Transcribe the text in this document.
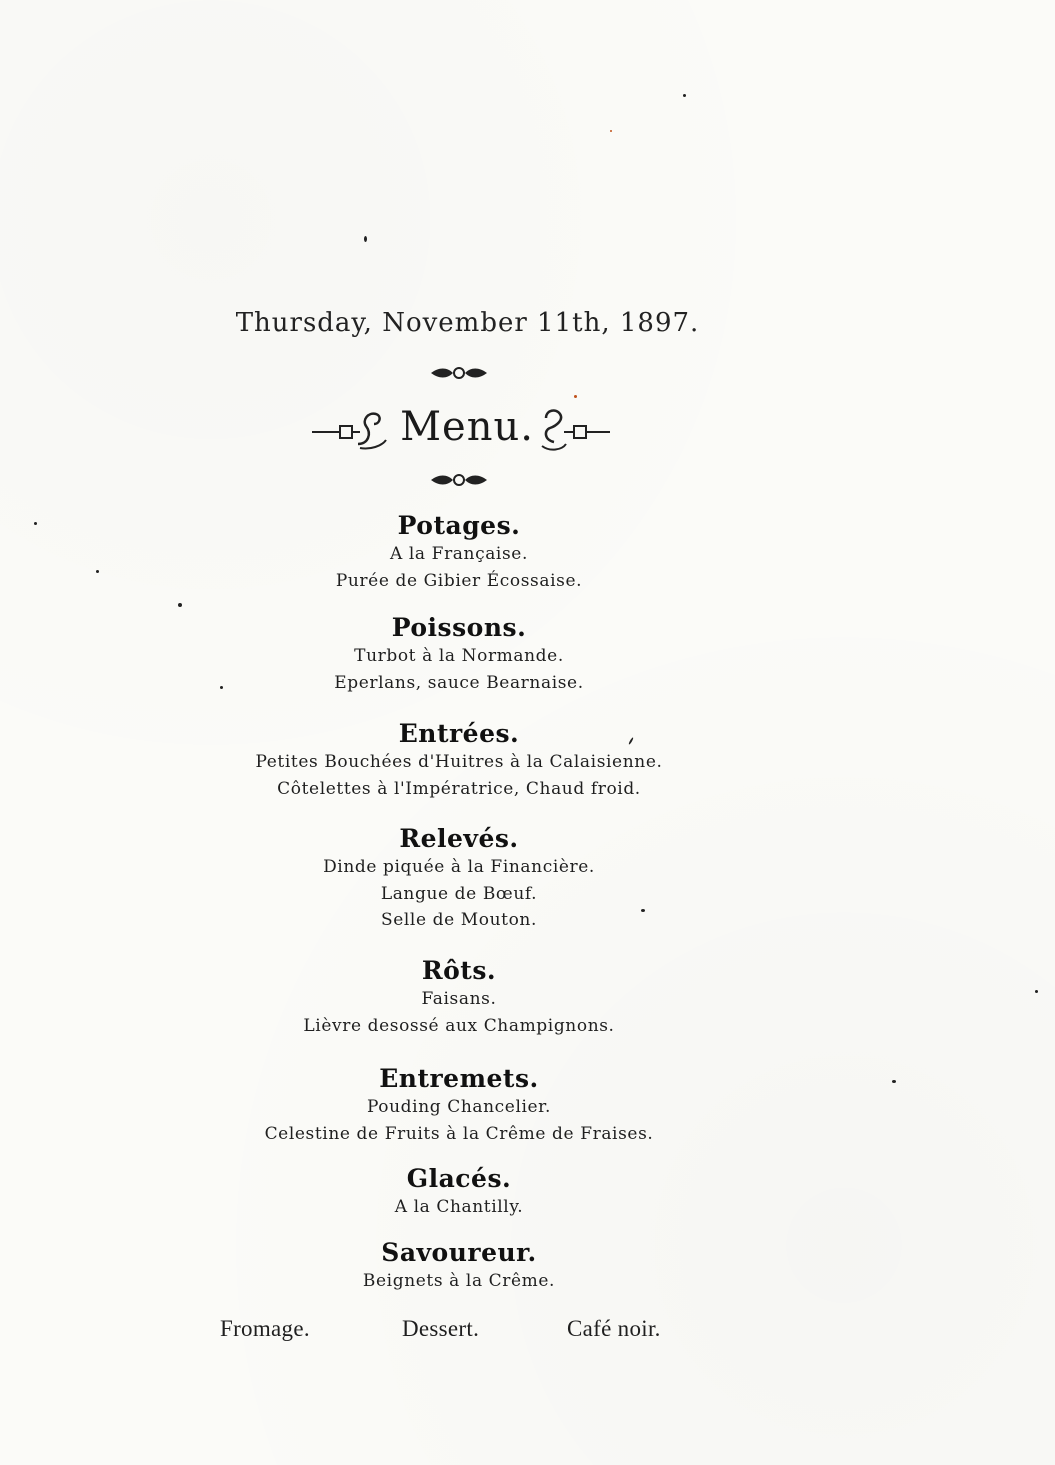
Thursday, November 11th, 1897.
Menu.
Potages.
A la Française.
Purée de Gibier Écossaise.
Poissons.
Turbot à la Normande.
Eperlans, sauce Bearnaise.
Entrées.
Petites Bouchées d'Huitres à la Calaisienne.
Côtelettes à l'Impératrice, Chaud froid.
Relevés.
Dinde piquée à la Financière.
Langue de Bœuf.
Selle de Mouton.
Rôts.
Faisans.
Lièvre desossé aux Champignons.
Entremets.
Pouding Chancelier.
Celestine de Fruits à la Crême de Fraises.
Glacés.
A la Chantilly.
Savoureur.
Beignets à la Crême.
Fromage.	Dessert.	Café noir.
